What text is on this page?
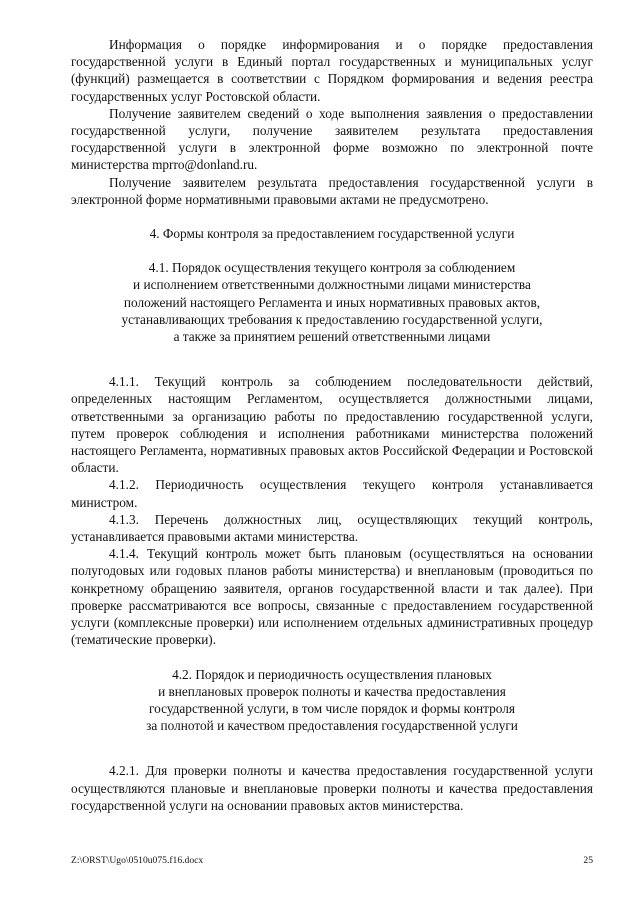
Информация о порядке информирования и о порядке предоставления государственной услуги в Единый портал государственных и муниципальных услуг (функций) размещается в соответствии с Порядком формирования и ведения реестра государственных услуг Ростовской области.

Получение заявителем сведений о ходе выполнения заявления о предоставлении государственной услуги, получение заявителем результата предоставления государственной услуги в электронной форме возможно по электронной почте министерства mprro@donland.ru.

Получение заявителем результата предоставления государственной услуги в электронной форме нормативными правовыми актами не предусмотрено.

4. Формы контроля за предоставлением государственной услуги

4.1. Порядок осуществления текущего контроля за соблюдением
и исполнением ответственными должностными лицами министерства
положений настоящего Регламента и иных нормативных правовых актов,
устанавливающих требования к предоставлению государственной услуги,
а также за принятием решений ответственными лицами

4.1.1. Текущий контроль за соблюдением последовательности действий, определенных настоящим Регламентом, осуществляется должностными лицами, ответственными за организацию работы по предоставлению государственной услуги, путем проверок соблюдения и исполнения работниками министерства положений настоящего Регламента, нормативных правовых актов Российской Федерации и Ростовской области.

4.1.2. Периодичность осуществления текущего контроля устанавливается министром.

4.1.3. Перечень должностных лиц, осуществляющих текущий контроль, устанавливается правовыми актами министерства.

4.1.4. Текущий контроль может быть плановым (осуществляться на основании полугодовых или годовых планов работы министерства) и внеплановым (проводиться по конкретному обращению заявителя, органов государственной власти и так далее). При проверке рассматриваются все вопросы, связанные с предоставлением государственной услуги (комплексные проверки) или исполнением отдельных административных процедур (тематические проверки).

4.2. Порядок и периодичность осуществления плановых
и внеплановых проверок полноты и качества предоставления
государственной услуги, в том числе порядок и формы контроля
за полнотой и качеством предоставления государственной услуги

4.2.1. Для проверки полноты и качества предоставления государственной услуги осуществляются плановые и внеплановые проверки полноты и качества предоставления государственной услуги на основании правовых актов министерства.

Z:\ORST\Ugo\0510u075.f16.docx	25
